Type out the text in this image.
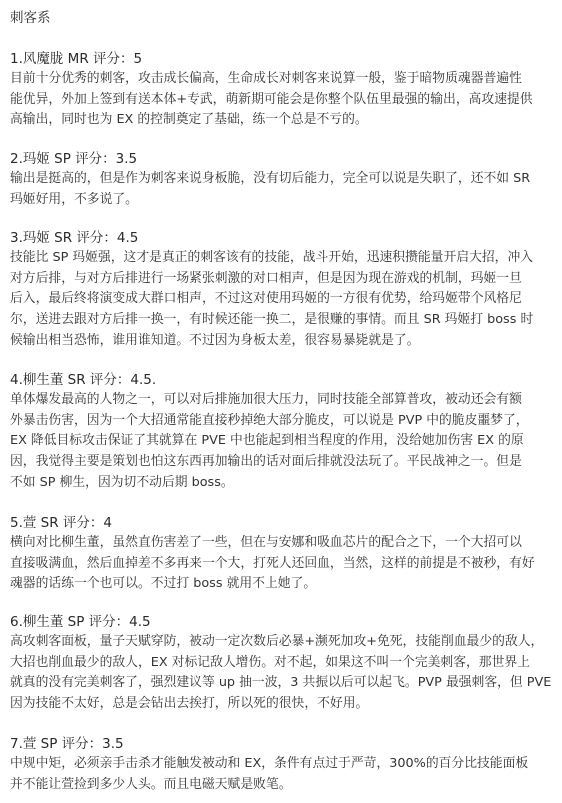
刺客系
1.风魔胧 MR 评分：5
目前十分优秀的刺客，攻击成长偏高，生命成长对刺客来说算一般，鉴于暗物质魂器普遍性
能优异，外加上签到有送本体+专武，萌新期可能会是你整个队伍里最强的输出，高攻速提供
高输出，同时也为 EX 的控制奠定了基础，练一个总是不亏的。
2.玛姬 SP 评分：3.5
输出是挺高的，但是作为刺客来说身板脆，没有切后能力，完全可以说是失职了，还不如 SR
玛姬好用，不多说了。
3.玛姬 SR 评分：4.5
技能比 SP 玛姬强，这才是真正的刺客该有的技能，战斗开始，迅速积攒能量开启大招，冲入
对方后排，与对方后排进行一场紧张刺激的对口相声，但是因为现在游戏的机制，玛姬一旦
后入，最后终将演变成大群口相声，不过这对使用玛姬的一方很有优势，给玛姬带个风格尼
尔，送进去跟对方后排一换一，有时候还能一换二，是很赚的事情。而且 SR 玛姬打 boss 时
候输出相当恐怖，谁用谁知道。不过因为身板太差，很容易暴毙就是了。
4.柳生董 SR 评分：4.5.
单体爆发最高的人物之一，可以对后排施加很大压力，同时技能全部算普攻，被动还会有额
外暴击伤害，因为一个大招通常能直接秒掉绝大部分脆皮，可以说是 PVP 中的脆皮噩梦了，
EX 降低目标攻击保证了其就算在 PVE 中也能起到相当程度的作用，没给她加伤害 EX 的原
因，我觉得主要是策划也怕这东西再加输出的话对面后排就没法玩了。平民战神之一。但是
不如 SP 柳生，因为切不动后期 boss。
5.萱 SR 评分：4
横向对比柳生董，虽然直伤害差了一些，但在与安娜和吸血芯片的配合之下，一个大招可以
直接吸满血，然后血掉差不多再来一个大，打死人还回血，当然，这样的前提是不被秒，有好
魂器的话练一个也可以。不过打 boss 就用不上她了。
6.柳生董 SP 评分：4.5
高攻刺客面板，量子天赋穿防，被动一定次数后必暴+濒死加攻+免死，技能削血最少的敌人，
大招也削血最少的敌人，EX 对标记敌人增伤。对不起，如果这不叫一个完美刺客，那世界上
就真的没有完美刺客了，强烈建议等 up 抽一波，3 共振以后可以起飞。PVP 最强刺客，但 PVE
因为技能不太好，总是会钻出去挨打，所以死的很快，不好用。
7.萱 SP 评分：3.5
中规中矩，必须亲手击杀才能触发被动和 EX，条件有点过于严苛，300%的百分比技能面板
并不能让萱捡到多少人头。而且电磁天赋是败笔。
